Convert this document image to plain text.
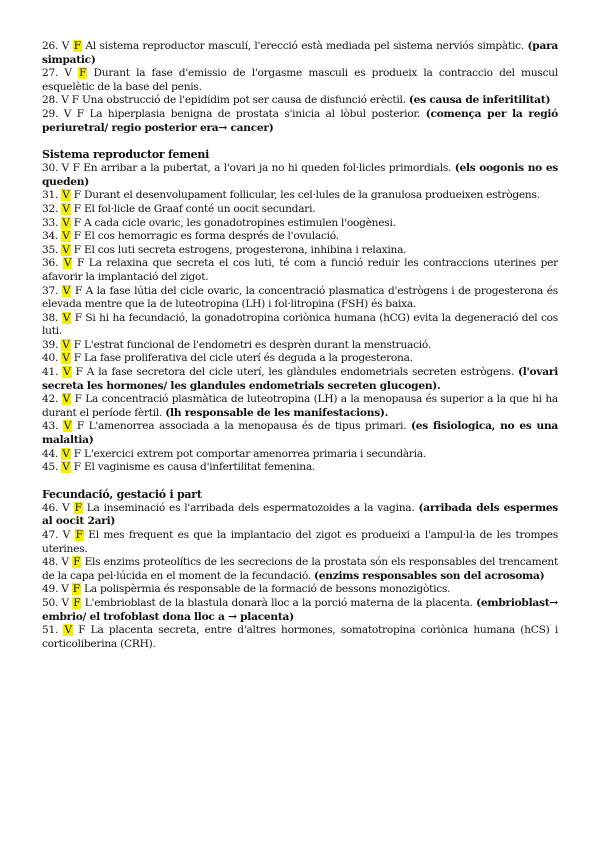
26. V F Al sistema reproductor masculí, l'erecció està mediada pel sistema nerviós simpàtic. (para simpatic)

27. V F Durant la fase d'emissio de l'orgasme masculi es produeix la contraccio del muscul esquelètic de la base del penis.

28. V F Una obstrucció de l'epidídim pot ser causa de disfunció erèctil. (es causa de inferitilitat)

29. V F La hiperplasia benigna de prostata s'inicia al lòbul posterior. (comença per la regió periuretral/ regio posterior era→ cancer)

Sistema reproductor femeni

30. V F En arribar a la pubertat, a l'ovari ja no hi queden fol·licles primordials. (els oogonis no es queden)

31. V F Durant el desenvolupament follicular, les cel·lules de la granulosa produeixen estrògens.

32. V F El fol·licle de Graaf conté un oocit secundari.

33. V F A cada cicle ovaric, les gonadotropines estimulen l'oogènesi.

34. V F El cos hemorragic es forma després de l'ovulació.

35. V F El cos luti secreta estrogens, progesterona, inhibina i relaxina.

36. V F La relaxina que secreta el cos luti, té com a funció reduir les contraccions uterines per afavorir la implantació del zigot.

37. V F A la fase lútia del cicle ovaric, la concentració plasmatica d'estrògens i de progesterona és elevada mentre que la de luteotropina (LH) i fol·litropina (FSH) és baixa.

38. V F Si hi ha fecundació, la gonadotropina coriònica humana (hCG) evita la degeneració del cos luti.

39. V F L'estrat funcional de l'endometri es desprèn durant la menstruació.

40. V F La fase proliferativa del cicle uterí és deguda a la progesterona.

41. V F A la fase secretora del cicle uterí, les glàndules endometrials secreten estrògens. (l'ovari secreta les hormones/ les glandules endometrials secreten glucogen).

42. V F La concentració plasmàtica de luteotropina (LH) a la menopausa és superior a la que hi ha durant el període fèrtil. (lh responsable de les manifestacions).

43. V F L'amenorrea associada a la menopausa és de tipus primari. (es fisiologica, no es una malaltia)

44. V F L'exercici extrem pot comportar amenorrea primaria i secundària.

45. V F El vaginisme es causa d'infertilitat femenina.

Fecundació, gestació i part

46. V F La inseminació es l'arribada dels espermatozoides a la vagina. (arribada dels espermes al oocit 2ari)

47. V F El mes frequent es que la implantacio del zigot es produeixi a l'ampul·la de les trompes uterines.

48. V F Els enzims proteolítics de les secrecions de la prostata són els responsables del trencament de la capa pel·lúcida en el moment de la fecundació. (enzims responsables son del acrosoma)

49. V F La polispèrmia és responsable de la formació de bessons monozigòtics.

50. V F L'embrioblast de la blastula donarà lloc a la porció materna de la placenta. (embrioblast→ embrio/ el trofoblast dona lloc a → placenta)

51. V F La placenta secreta, entre d'altres hormones, somatotropina coriònica humana (hCS) i corticoliberina (CRH).
